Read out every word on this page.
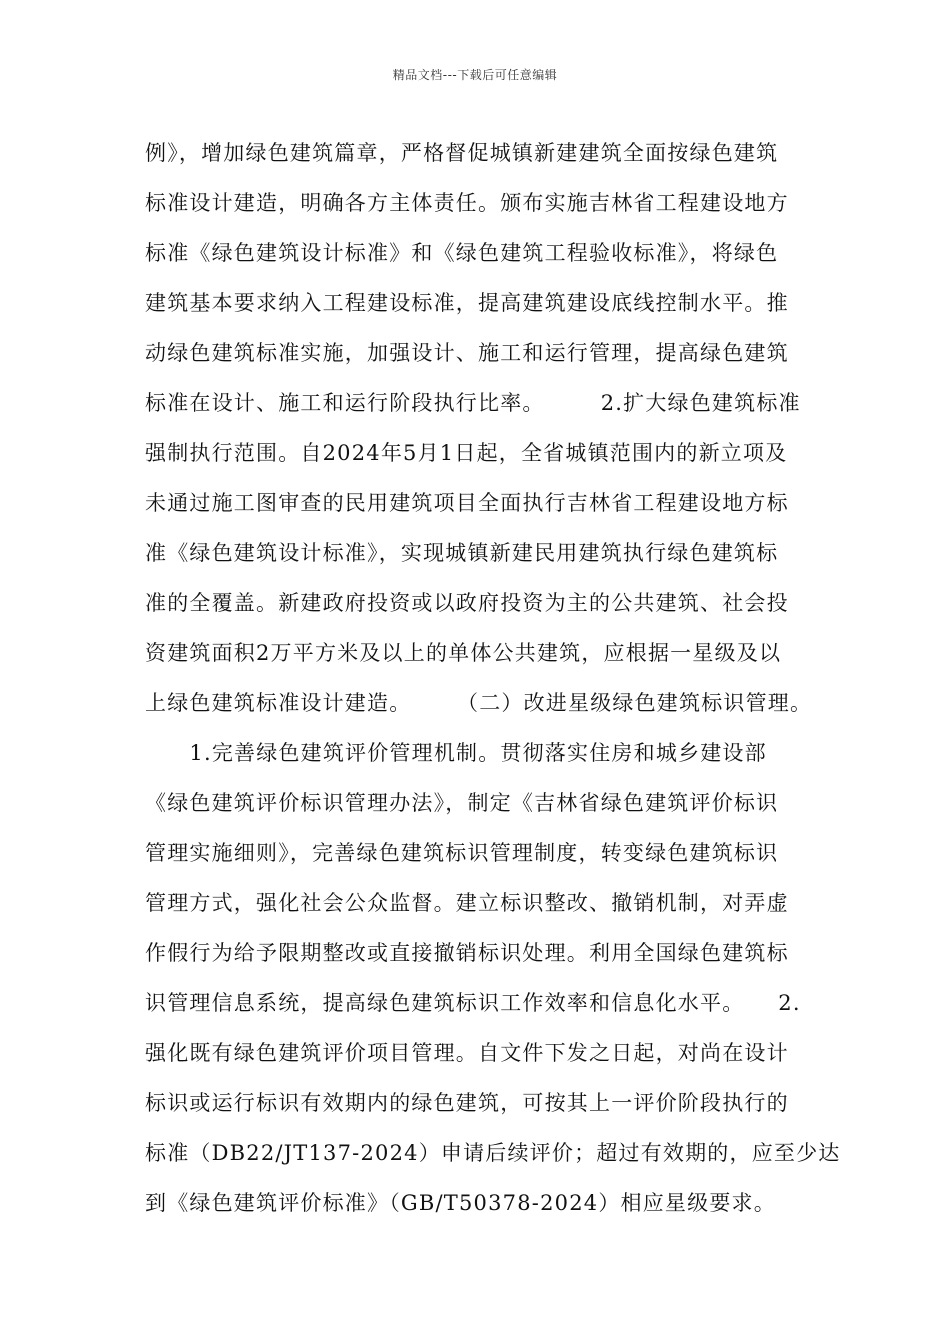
精品文档---下载后可任意编辑
例》，增加绿色建筑篇章，严格督促城镇新建建筑全面按绿色建筑
标准设计建造，明确各方主体责任。颁布实施吉林省工程建设地方
标准《绿色建筑设计标准》和《绿色建筑工程验收标准》，将绿色
建筑基本要求纳入工程建设标准，提高建筑建设底线控制水平。推
动绿色建筑标准实施，加强设计、施工和运行管理，提高绿色建筑
标准在设计、施工和运行阶段执行比率。　　　2.扩大绿色建筑标准
强制执行范围。自2024年5月1日起，全省城镇范围内的新立项及
未通过施工图审查的民用建筑项目全面执行吉林省工程建设地方标
准《绿色建筑设计标准》，实现城镇新建民用建筑执行绿色建筑标
准的全覆盖。新建政府投资或以政府投资为主的公共建筑、社会投
资建筑面积2万平方米及以上的单体公共建筑，应根据一星级及以
上绿色建筑标准设计建造。　　　（二）改进星级绿色建筑标识管理。
　　1.完善绿色建筑评价管理机制。贯彻落实住房和城乡建设部
《绿色建筑评价标识管理办法》，制定《吉林省绿色建筑评价标识
管理实施细则》，完善绿色建筑标识管理制度，转变绿色建筑标识
管理方式，强化社会公众监督。建立标识整改、撤销机制，对弄虚
作假行为给予限期整改或直接撤销标识处理。利用全国绿色建筑标
识管理信息系统，提高绿色建筑标识工作效率和信息化水平。　　2.
强化既有绿色建筑评价项目管理。自文件下发之日起，对尚在设计
标识或运行标识有效期内的绿色建筑，可按其上一评价阶段执行的
标准（DB22/JT137-2024）申请后续评价；超过有效期的，应至少达
到《绿色建筑评价标准》（GB/T50378-2024）相应星级要求。
